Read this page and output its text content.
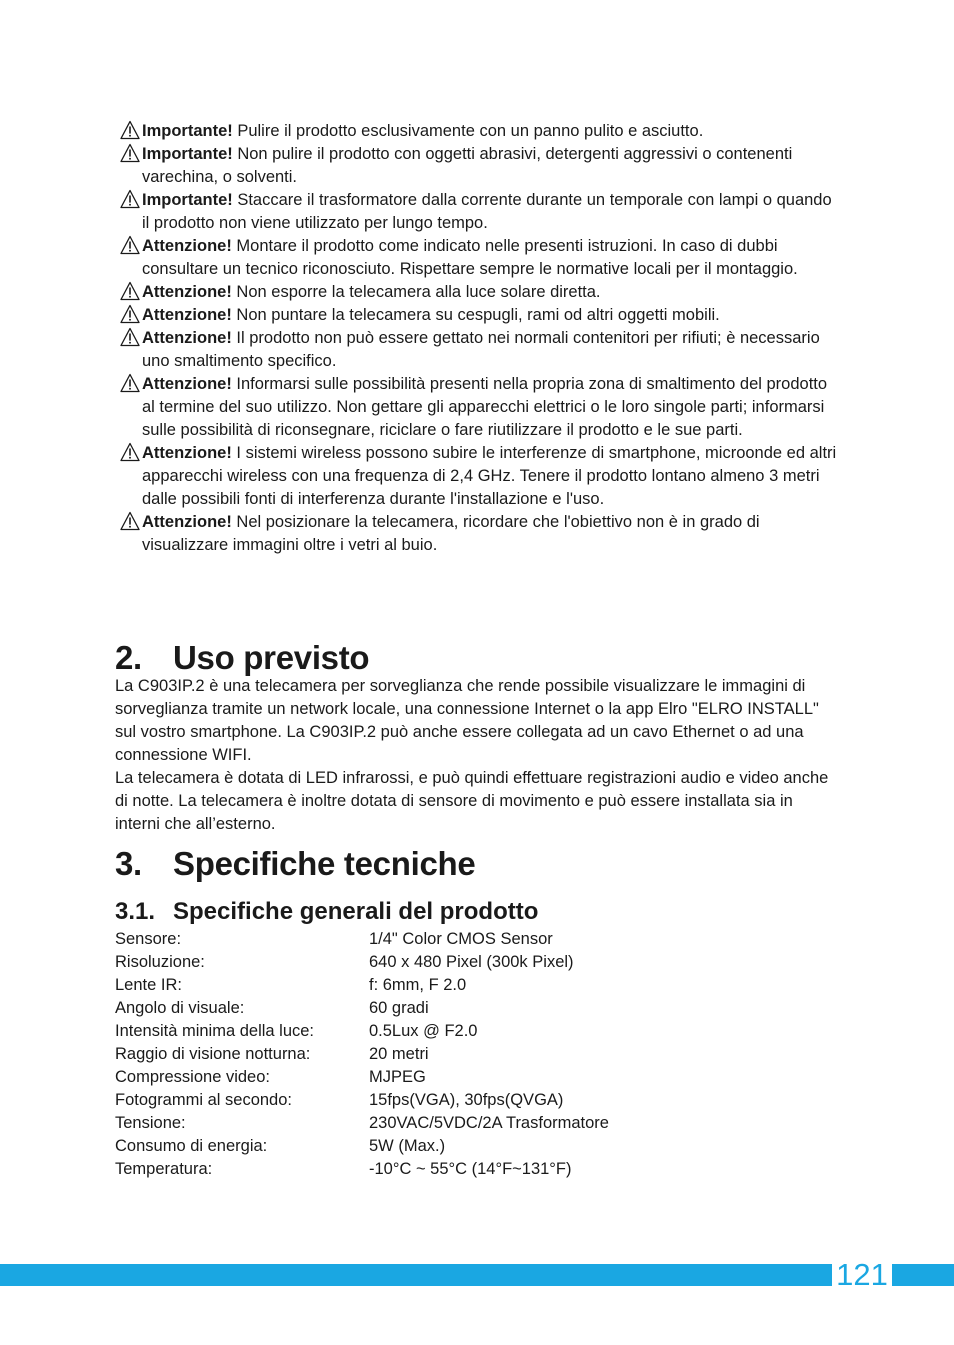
Importante! Pulire il prodotto esclusivamente con un panno pulito e asciutto.
Importante! Non pulire il prodotto con oggetti abrasivi, detergenti aggressivi o contenenti varechina, o solventi.
Importante! Staccare il trasformatore dalla corrente durante un temporale con lampi o quando il prodotto non viene utilizzato per lungo tempo.
Attenzione! Montare il prodotto come indicato nelle presenti istruzioni. In caso di dubbi consultare un tecnico riconosciuto. Rispettare sempre le normative locali per il montaggio.
Attenzione! Non esporre la telecamera alla luce solare diretta.
Attenzione! Non puntare la telecamera su cespugli, rami od altri oggetti mobili.
Attenzione! Il prodotto non può essere gettato nei normali contenitori per rifiuti; è necessario uno smaltimento specifico.
Attenzione! Informarsi sulle possibilità presenti nella propria zona di smaltimento del prodotto al termine del suo utilizzo. Non gettare gli apparecchi elettrici o le loro singole parti; informarsi sulle possibilità di riconsegnare, riciclare o fare riutilizzare il prodotto e le sue parti.
Attenzione! I sistemi wireless possono subire le interferenze di smartphone, microonde ed altri apparecchi wireless con una frequenza di 2,4 GHz. Tenere il prodotto lontano almeno 3 metri dalle possibili fonti di interferenza durante l'installazione e l'uso.
Attenzione! Nel posizionare la telecamera, ricordare che l'obiettivo non è in grado di visualizzare immagini oltre i vetri al buio.
2. Uso previsto

La C903IP.2 è una telecamera per sorveglianza che rende possibile visualizzare le immagini di sorveglianza tramite un network locale, una connessione Internet o la app Elro "ELRO INSTALL" sul vostro smartphone. La C903IP.2 può anche essere collegata ad un cavo Ethernet o ad una connessione WIFI.

La telecamera è dotata di LED infrarossi, e può quindi effettuare registrazioni audio e video anche di notte. La telecamera è inoltre dotata di sensore di movimento e può essere installata sia in interni che all’esterno.

3. Specifiche tecniche
3.1. Specifiche generali del prodotto
Sensore:	1/4" Color CMOS Sensor
Risoluzione:	640 x 480 Pixel (300k Pixel)
Lente IR:	f: 6mm, F 2.0
Angolo di visuale:	60 gradi
Intensità minima della luce:	0.5Lux @ F2.0
Raggio di visione notturna:	20 metri
Compressione video:	MJPEG
Fotogrammi al secondo:	15fps(VGA), 30fps(QVGA)
Tensione:	230VAC/5VDC/2A Trasformatore
Consumo di energia:	5W (Max.)
Temperatura:	-10°C ~ 55°C (14°F~131°F)
121
